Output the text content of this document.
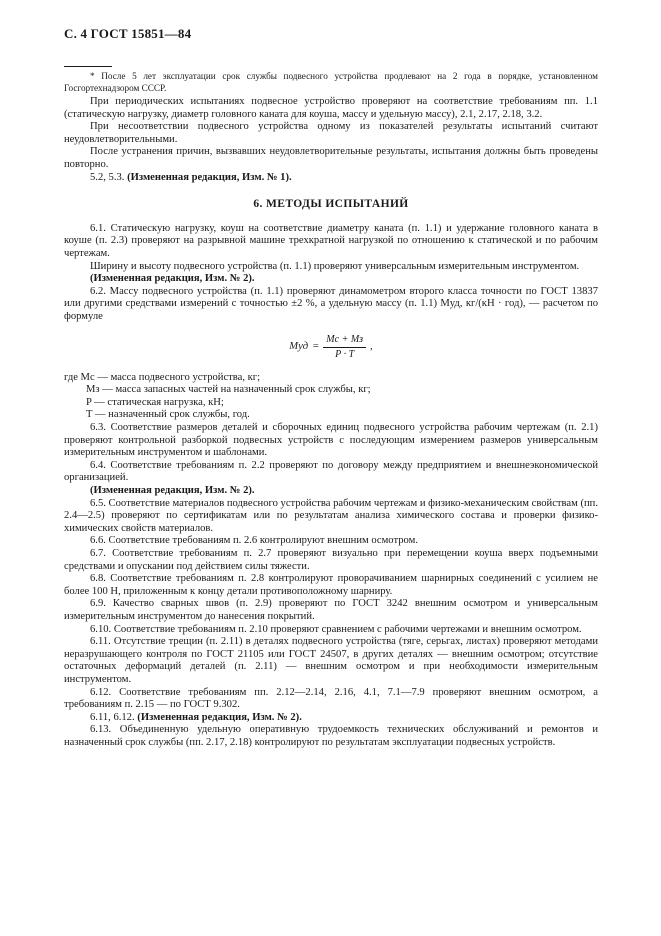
С. 4 ГОСТ 15851—84

* После 5 лет эксплуатации срок службы подвесного устройства продлевают на 2 года в порядке, установленном Госгортехнадзором СССР.

При периодических испытаниях подвесное устройство проверяют на соответствие требованиям пп. 1.1 (статическую нагрузку, диаметр головного каната для коуша, массу и удельную массу), 2.1, 2.17, 2.18, 3.2.

При несоответствии подвесного устройства одному из показателей результаты испытаний считают неудовлетворительными.

После устранения причин, вызвавших неудовлетворительные результаты, испытания должны быть проведены повторно.

5.2, 5.3. (Измененная редакция, Изм. № 1).

6. МЕТОДЫ ИСПЫТАНИЙ

6.1. Статическую нагрузку, коуш на соответствие диаметру каната (п. 1.1) и удержание головного каната в коуше (п. 2.3) проверяют на разрывной машине трехкратной нагрузкой по отношению к статической и по рабочим чертежам.

Ширину и высоту подвесного устройства (п. 1.1) проверяют универсальным измерительным инструментом.

(Измененная редакция, Изм. № 2).

6.2. Массу подвесного устройства (п. 1.1) проверяют динамометром второго класса точности по ГОСТ 13837 или другими средствами измерений с точностью ±2 %, а удельную массу (п. 1.1) Mуд, кг/(кН · год), — расчетом по формуле

Mуд = $\frac{Mc + Mз}{P \cdot T}$ ,

где Mc — масса подвесного устройства, кг;

Mз — масса запасных частей на назначенный срок службы, кг;

P — статическая нагрузка, кН;

T — назначенный срок службы, год.

6.3. Соответствие размеров деталей и сборочных единиц подвесного устройства рабочим чертежам (п. 2.1) проверяют контрольной разборкой подвесных устройств с последующим измерением размеров универсальным измерительным инструментом и шаблонами.

6.4. Соответствие требованиям п. 2.2 проверяют по договору между предприятием и внешнеэкономической организацией.

(Измененная редакция, Изм. № 2).

6.5. Соответствие материалов подвесного устройства рабочим чертежам и физико-механическим свойствам (пп. 2.4—2.5) проверяют по сертификатам или по результатам анализа химического состава и проверки физико-химических свойств материалов.

6.6. Соответствие требованиям п. 2.6 контролируют внешним осмотром.

6.7. Соответствие требованиям п. 2.7 проверяют визуально при перемещении коуша вверх подъемными средствами и опускании под действием силы тяжести.

6.8. Соответствие требованиям п. 2.8 контролируют проворачиванием шарнирных соединений с усилием не более 100 Н, приложенным к концу детали противоположному шарниру.

6.9. Качество сварных швов (п. 2.9) проверяют по ГОСТ 3242 внешним осмотром и универсальным измерительным инструментом до нанесения покрытий.

6.10. Соответствие требованиям п. 2.10 проверяют сравнением с рабочими чертежами и внешним осмотром.

6.11. Отсутствие трещин (п. 2.11) в деталях подвесного устройства (тяге, серьгах, листах) проверяют методами неразрушающего контроля по ГОСТ 21105 или ГОСТ 24507, в других деталях — внешним осмотром; отсутствие остаточных деформаций деталей (п. 2.11) — внешним осмотром и при необходимости измерительным инструментом.

6.12. Соответствие требованиям пп. 2.12—2.14, 2.16, 4.1, 7.1—7.9 проверяют внешним осмотром, а требованиям п. 2.15 — по ГОСТ 9.302.

6.11, 6.12. (Измененная редакция, Изм. № 2).

6.13. Объединенную удельную оперативную трудоемкость технических обслуживаний и ремонтов и назначенный срок службы (пп. 2.17, 2.18) контролируют по результатам эксплуатации подвесных устройств.
